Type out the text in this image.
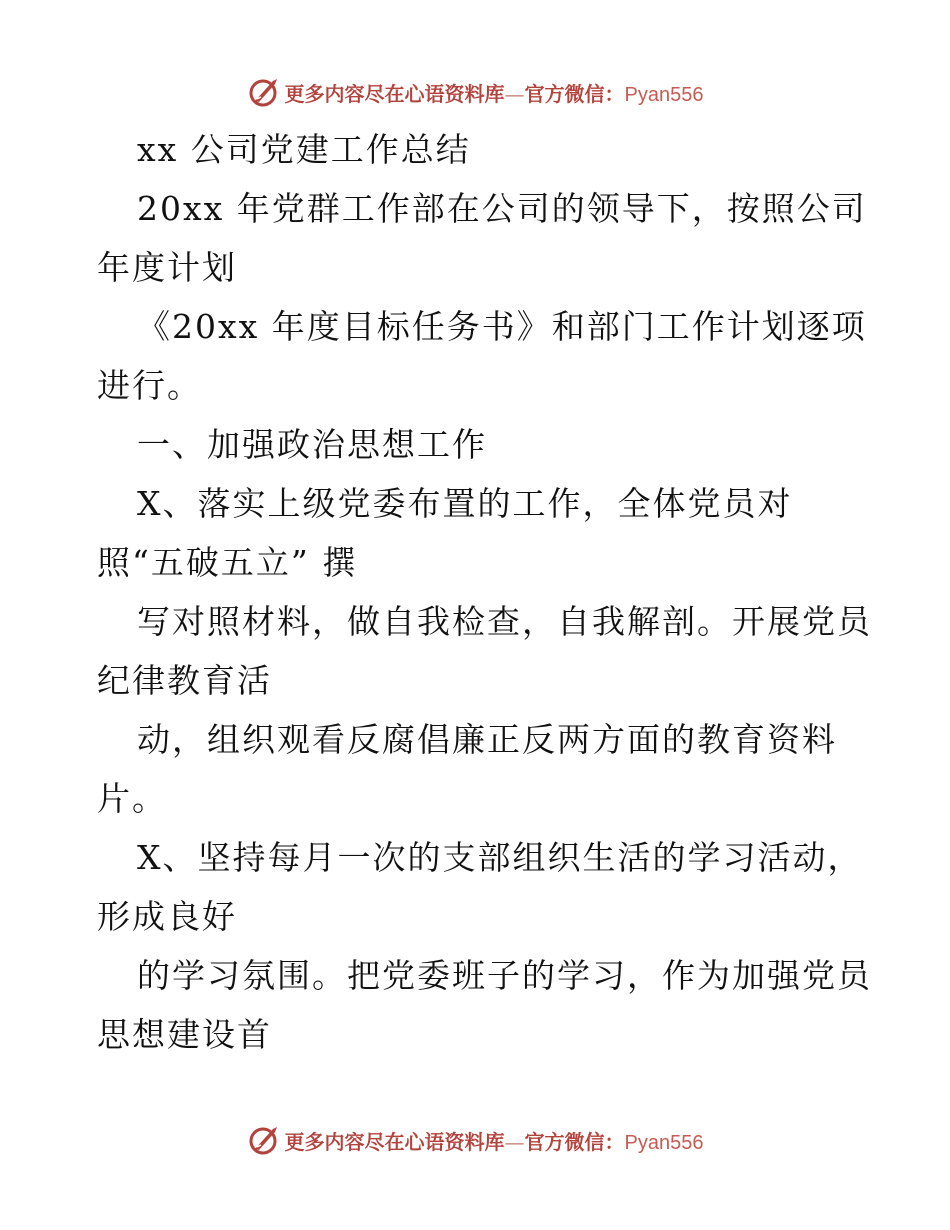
更多内容尽在心语资料库—官方微信：Pyan556
xx 公司党建工作总结
20xx 年党群工作部在公司的领导下，按照公司
年度计划
《20xx 年度目标任务书》和部门工作计划逐项
进行。
一、加强政治思想工作
X、落实上级党委布置的工作，全体党员对
照“五破五立” 撰
写对照材料，做自我检查，自我解剖。开展党员
纪律教育活
动，组织观看反腐倡廉正反两方面的教育资料
片。
X、坚持每月一次的支部组织生活的学习活动，
形成良好
的学习氛围。把党委班子的学习，作为加强党员
思想建设首
更多内容尽在心语资料库—官方微信：Pyan556
